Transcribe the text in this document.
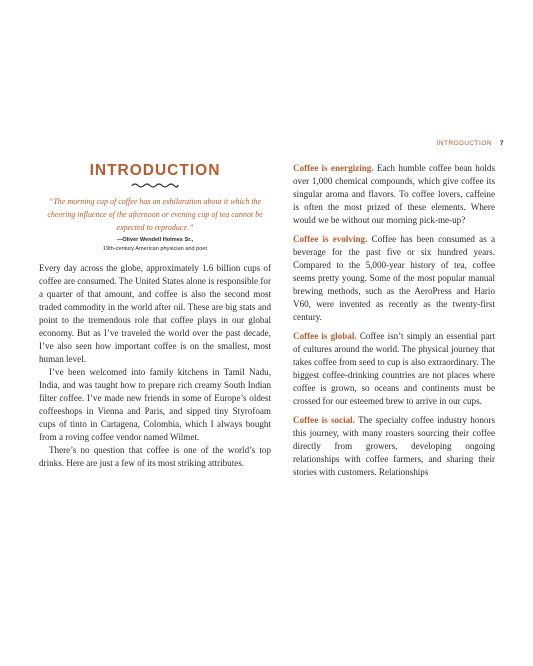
INTRODUCTION 7
INTRODUCTION

“The morning cup of coffee has an exhilaration about it which the cheering influence of the afternoon or evening cup of tea cannot be expected to reproduce.”

—Oliver Wendell Holmes Sr.,
19th-century American physician and poet

Every day across the globe, approximately 1.6 billion cups of coffee are consumed. The United States alone is responsible for a quarter of that amount, and coffee is also the second most traded commodity in the world after oil. These are big stats and point to the tremendous role that coffee plays in our global economy. But as I’ve traveled the world over the past decade, I’ve also seen how important coffee is on the smallest, most human level.

I’ve been welcomed into family kitchens in Tamil Nadu, India, and was taught how to prepare rich creamy South Indian filter coffee. I’ve made new friends in some of Europe’s oldest coffeeshops in Vienna and Paris, and sipped tiny Styrofoam cups of tinto in Cartagena, Colombia, which I always bought from a roving coffee vendor named Wilmet.

There’s no question that coffee is one of the world’s top drinks. Here are just a few of its most striking attributes.

Coffee is energizing. Each humble coffee bean holds over 1,000 chemical compounds, which give coffee its singular aroma and flavors. To coffee lovers, caffeine is often the most prized of these elements. Where would we be without our morning pick-me-up?

Coffee is evolving. Coffee has been consumed as a beverage for the past five or six hundred years. Compared to the 5,000-year history of tea, coffee seems pretty young. Some of the most popular manual brewing methods, such as the AeroPress and Hario V60, were invented as recently as the twenty-first century.

Coffee is global. Coffee isn’t simply an essential part of cultures around the world. The physical journey that takes coffee from seed to cup is also extraordinary. The biggest coffee-drinking countries are not places where coffee is grown, so oceans and continents must be crossed for our esteemed brew to arrive in our cups.

Coffee is social. The specialty coffee industry honors this journey, with many roasters sourcing their coffee directly from growers, developing ongoing relationships with coffee farmers, and sharing their stories with customers. Relationships
